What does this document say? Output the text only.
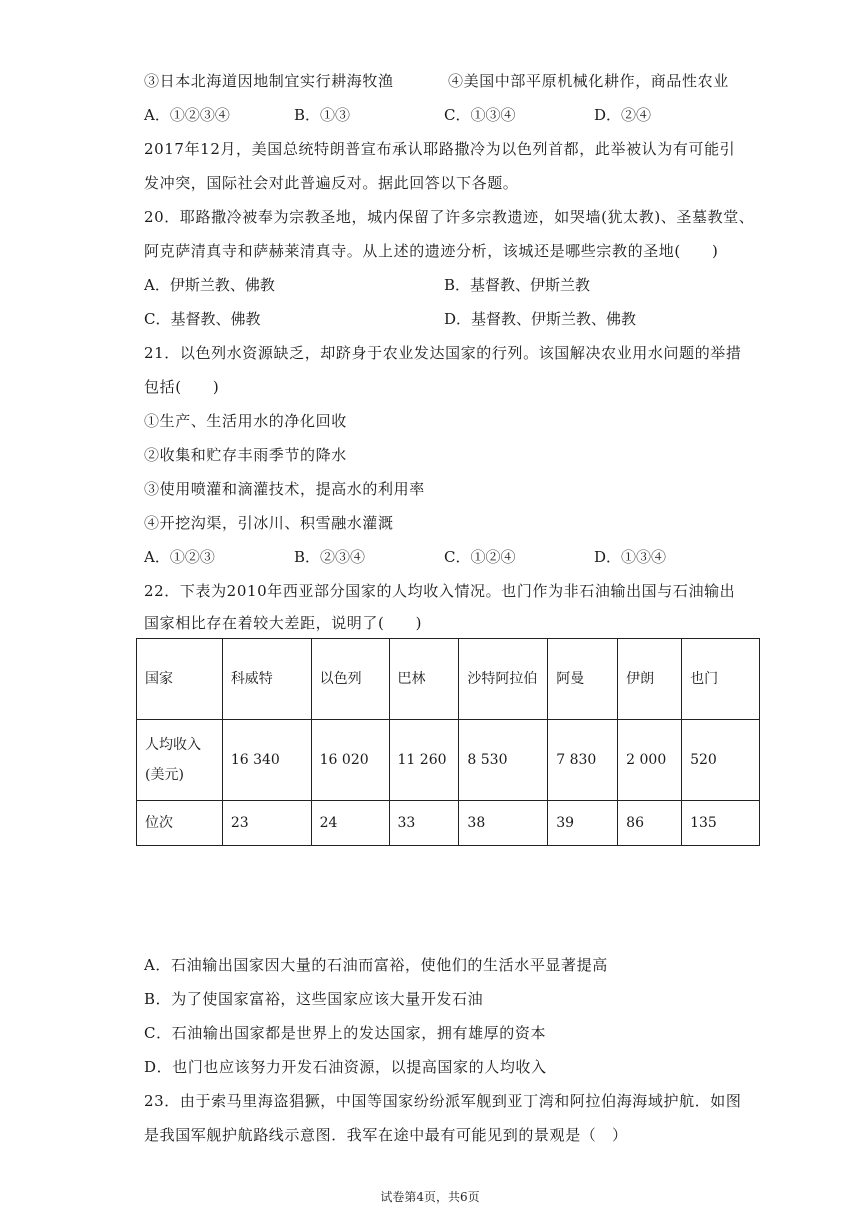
③日本北海道因地制宜实行耕海牧渔	④美国中部平原机械化耕作，商品性农业
A．①②③④	B．①③	C．①③④	D．②④
2017年12月，美国总统特朗普宣布承认耶路撒冷为以色列首都，此举被认为有可能引
发冲突，国际社会对此普遍反对。据此回答以下各题。
20．耶路撒冷被奉为宗教圣地，城内保留了许多宗教遗迹，如哭墙(犹太教)、圣墓教堂、
阿克萨清真寺和萨赫莱清真寺。从上述的遗迹分析，该城还是哪些宗教的圣地(　　)
A．伊斯兰教、佛教	B．基督教、伊斯兰教
C．基督教、佛教	D．基督教、伊斯兰教、佛教
21．以色列水资源缺乏，却跻身于农业发达国家的行列。该国解决农业用水问题的举措
包括(　　)
①生产、生活用水的净化回收
②收集和贮存丰雨季节的降水
③使用喷灌和滴灌技术，提高水的利用率
④开挖沟渠，引冰川、积雪融水灌溉
A．①②③	B．②③④	C．①②④	D．①③④
22．下表为2010年西亚部分国家的人均收入情况。也门作为非石油输出国与石油输出
国家相比存在着较大差距，说明了(　　)
国家	科威特	以色列	巴林	沙特阿拉伯	阿曼	伊朗	也门
人均收入(美元)	16 340	16 020	11 260	8 530	7 830	2 000	520
位次	23	24	33	38	39	86	135
A．石油输出国家因大量的石油而富裕，使他们的生活水平显著提高
B．为了使国家富裕，这些国家应该大量开发石油
C．石油输出国家都是世界上的发达国家，拥有雄厚的资本
D．也门也应该努力开发石油资源，以提高国家的人均收入
23．由于索马里海盗猖獗，中国等国家纷纷派军舰到亚丁湾和阿拉伯海海域护航．如图
是我国军舰护航路线示意图．我军在途中最有可能见到的景观是（　）
试卷第4页，共6页
